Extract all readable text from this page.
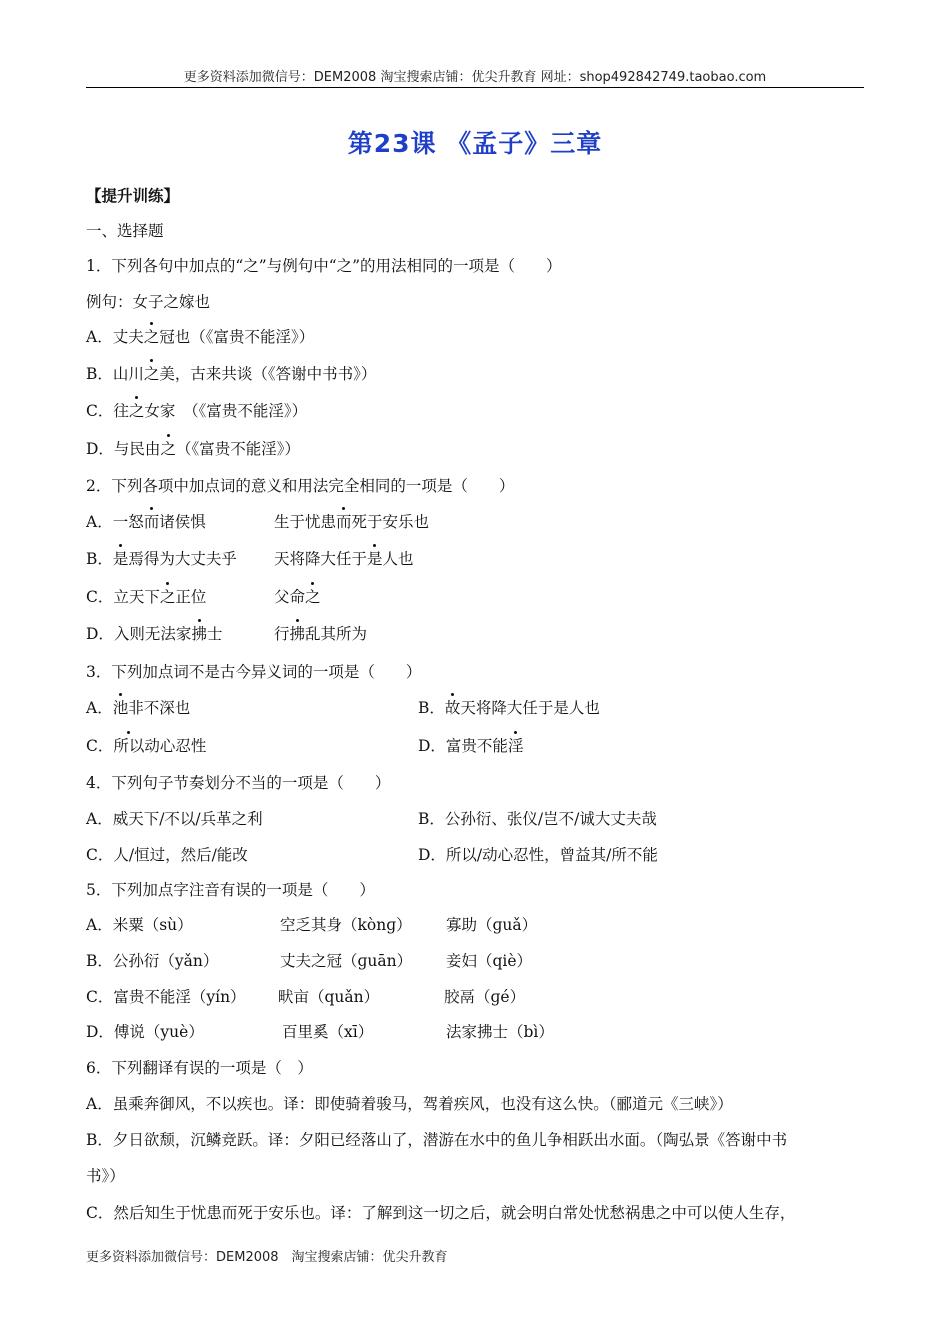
更多资料添加微信号：DEM2008 淘宝搜索店铺：优尖升教育 网址：shop492842749.taobao.com
第23课 《孟子》三章
【提升训练】
一、选择题
1．下列各句中加点的“之”与例句中“之”的用法相同的一项是（　　）
例句：女子之嫁也
A．丈夫之冠也（《富贵不能淫》）
B．山川之美，古来共谈（《答谢中书书》）
C．往之女家　（《富贵不能淫》）
D．与民由之（《富贵不能淫》）
2．下列各项中加点词的意义和用法完全相同的一项是（　　）
A．一怒而诸侯惧	生于忧患而死于安乐也
B．是焉得为大丈夫乎 天将降大任于是人也
C．立天下之正位	父命之
D．入则无法家拂士	行拂乱其所为
3．下列加点词不是古今异义词的一项是（　　）
A．池非不深也	B．故天将降大任于是人也
C．所以动心忍性	D．富贵不能淫
4．下列句子节奏划分不当的一项是（　　）
A．威天下/不以/兵革之利	B．公孙衍、张仪/岂不/诚大丈夫哉
C．人/恒过，然后/能改	D．所以/动心忍性，曾益其/所不能
5．下列加点字注音有误的一项是（　　）
A．米粟（sù）	空乏其身（kònɡ） 寡助（ɡuǎ）
B．公孙衍（yǎn）	丈夫之冠（ɡuān） 妾妇（qiè）
C．富贵不能淫（yín） 畎亩（quǎn）	胶鬲（ɡé）
D．傅说（yuè）	百里奚（xī）	法家拂士（bì）
6．下列翻译有误的一项是（　）
A．虽乘奔御风，不以疾也。译：即使骑着骏马，驾着疾风，也没有这么快。（郦道元《三峡》）
B．夕日欲颓，沉鳞竞跃。译：夕阳已经落山了，潜游在水中的鱼儿争相跃出水面。（陶弘景《答谢中书
书》）
C．然后知生于忧患而死于安乐也。译：了解到这一切之后，就会明白常处忧愁祸患之中可以使人生存，
更多资料添加微信号：DEM2008　淘宝搜索店铺：优尖升教育
